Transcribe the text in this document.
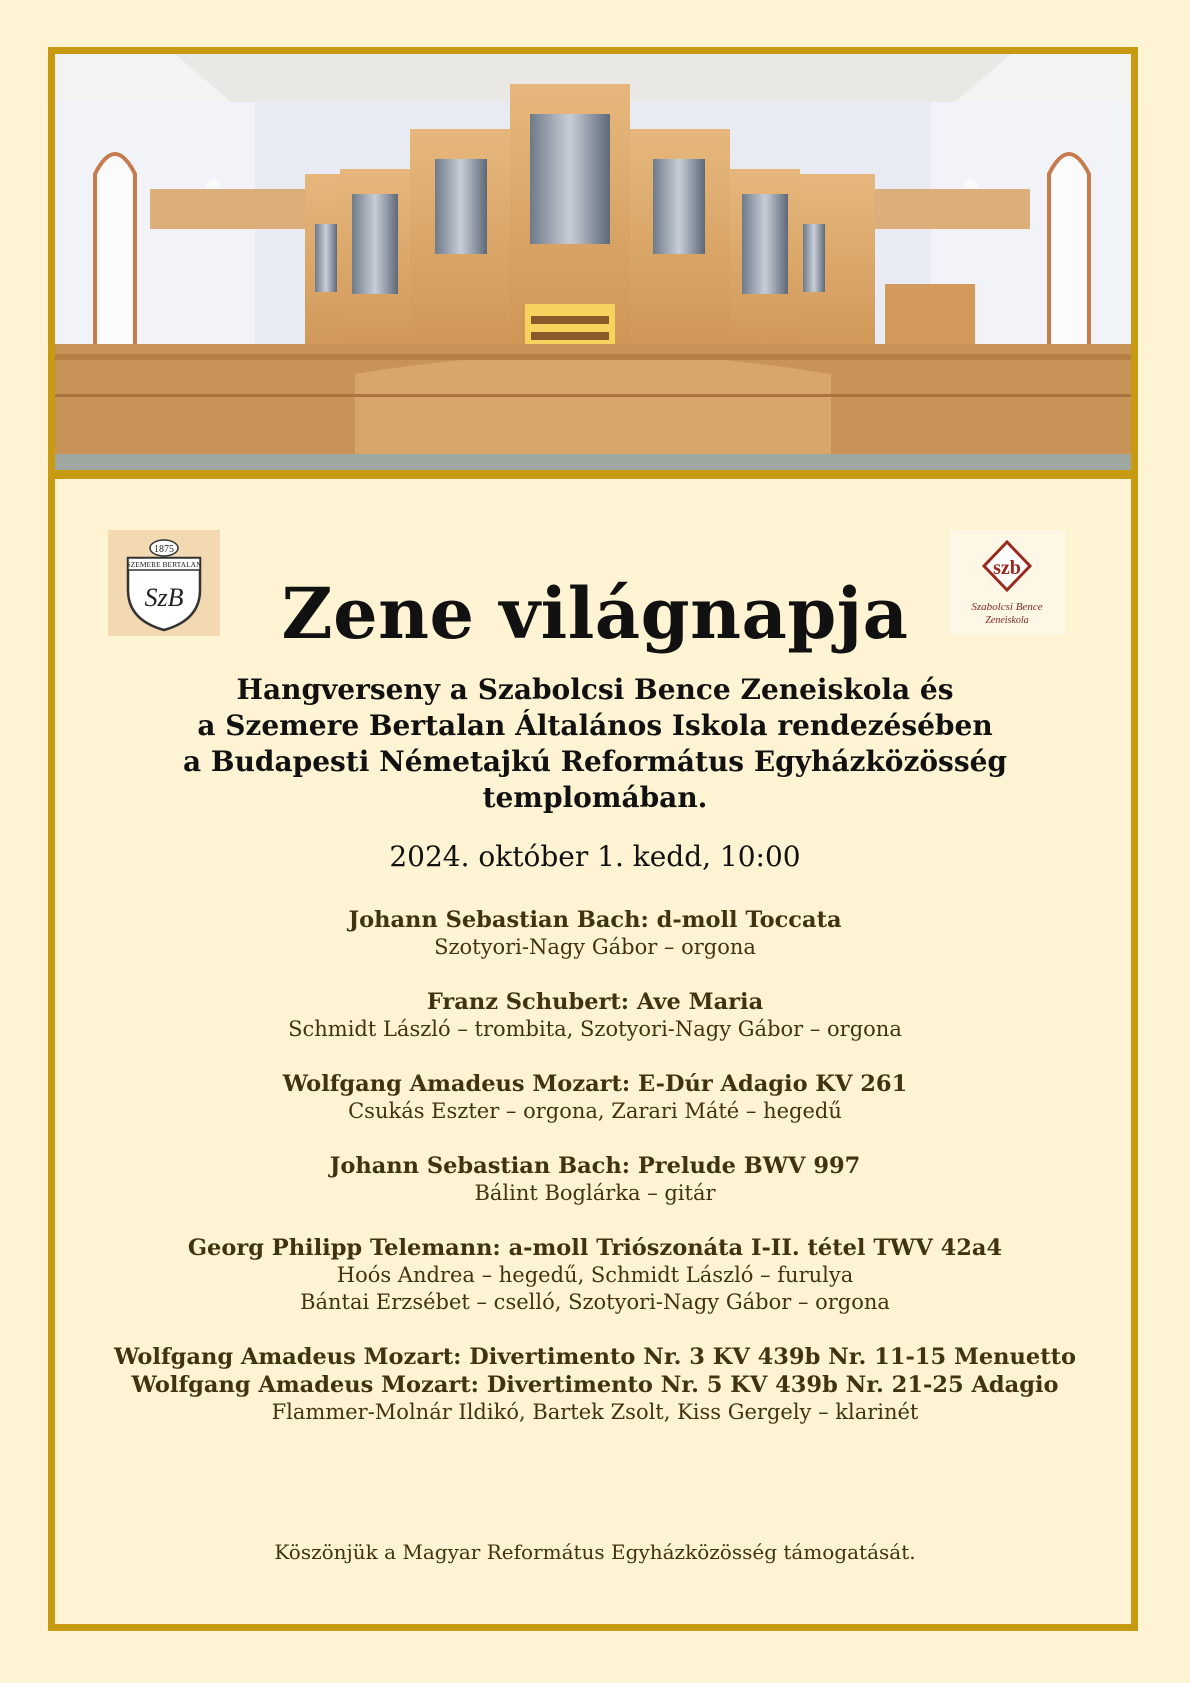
SZEMERE BERTALAN
1875
SzB
szb
Szabolcsi Bence
Zeneiskola
Zene világnapja
Hangverseny a Szabolcsi Bence Zeneiskola és
a Szemere Bertalan Általános Iskola rendezésében
a Budapesti Németajkú Református Egyházközösség
templomában.
2024. október 1. kedd, 10:00
Johann Sebastian Bach: d-moll Toccata
Szotyori-Nagy Gábor – orgona
Franz Schubert: Ave Maria
Schmidt László – trombita, Szotyori-Nagy Gábor – orgona
Wolfgang Amadeus Mozart: E-Dúr Adagio KV 261
Csukás Eszter – orgona, Zarari Máté – hegedű
Johann Sebastian Bach: Prelude BWV 997
Bálint Boglárka – gitár
Georg Philipp Telemann: a-moll Triószonáta I-II. tétel TWV 42a4
Hoós Andrea – hegedű, Schmidt László – furulya
Bántai Erzsébet – cselló, Szotyori-Nagy Gábor – orgona
Wolfgang Amadeus Mozart: Divertimento Nr. 3 KV 439b Nr. 11-15 Menuetto
Wolfgang Amadeus Mozart: Divertimento Nr. 5 KV 439b Nr. 21-25 Adagio
Flammer-Molnár Ildikó, Bartek Zsolt, Kiss Gergely – klarinét
Köszönjük a Magyar Református Egyházközösség támogatását.
